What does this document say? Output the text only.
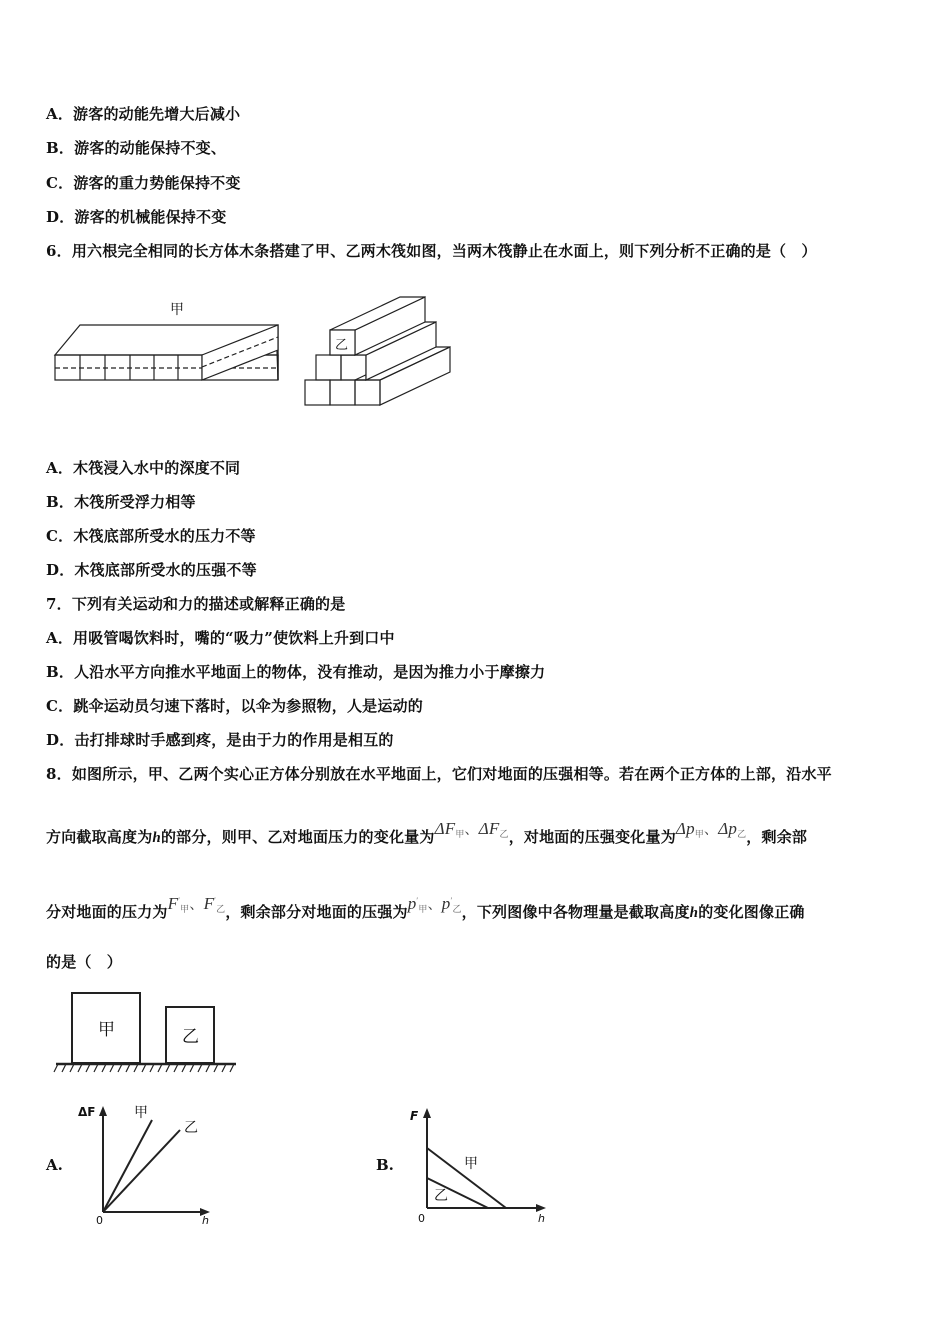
A．游客的动能先增大后减小
B．游客的动能保持不变、
C．游客的重力势能保持不变
D．游客的机械能保持不变
6．用六根完全相同的长方体木条搭建了甲、乙两木筏如图，当两木筏静止在水面上，则下列分析不正确的是（　）
甲
乙
A．木筏浸入水中的深度不同
B．木筏所受浮力相等
C．木筏底部所受水的压力不等
D．木筏底部所受水的压强不等
7．下列有关运动和力的描述或解释正确的是
A．用吸管喝饮料时，嘴的“吸力”使饮料上升到口中
B．人沿水平方向推水平地面上的物体，没有推动，是因为推力小于摩擦力
C．跳伞运动员匀速下落时，以伞为参照物，人是运动的
D．击打排球时手感到疼，是由于力的作用是相互的
8．如图所示，甲、乙两个实心正方体分别放在水平地面上，它们对地面的压强相等。若在两个正方体的上部，沿水平
方向截取高度为h的部分，则甲、乙对地面压力的变化量为$\Delta F_甲$、$\Delta F_乙$，对地面的压强变化量为$\Delta p_甲$、$\Delta p_乙$，剩余部
分对地面的压力为$F'_甲$、$F'_乙$，剩余部分对地面的压强为$p'_甲$、$p'_乙$，下列图像中各物理量是截取高度h的变化图像正确
的是（　）
甲	乙
A.
ΔF
h
0
甲
乙
B.
F
h
0
甲
乙
